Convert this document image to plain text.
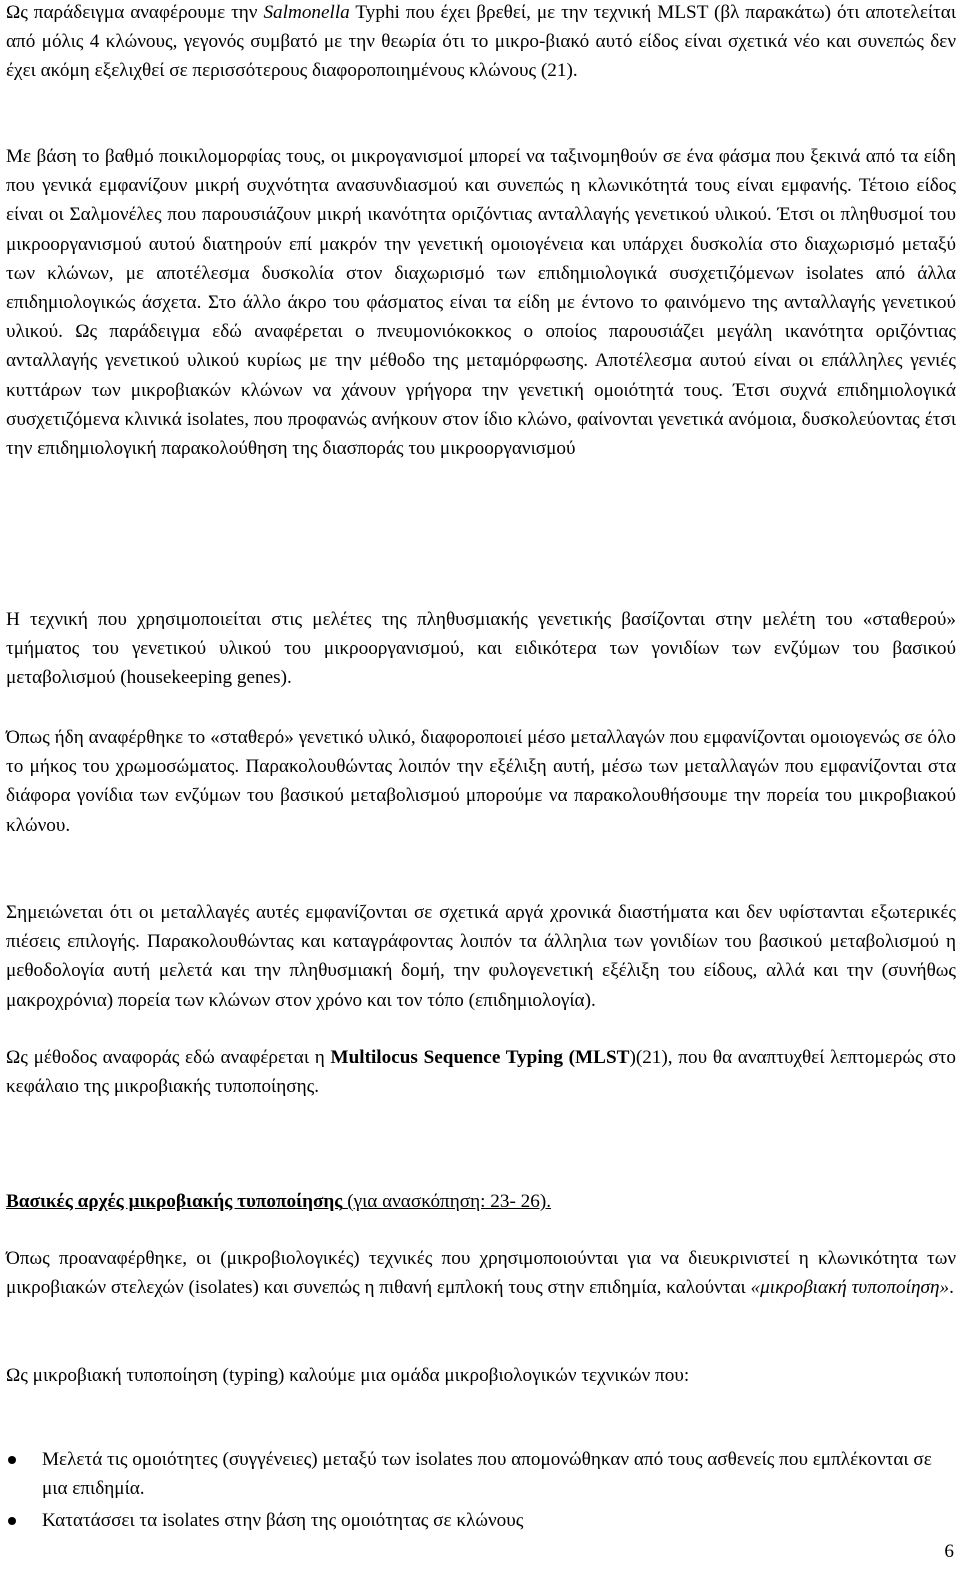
Ως παράδειγμα αναφέρουμε την Salmonella Typhi που έχει βρεθεί, με την τεχνική MLST (βλ παρακάτω) ότι αποτελείται από μόλις 4 κλώνους, γεγονός συμβατό με την θεωρία ότι το μικρο-βιακό αυτό είδος είναι σχετικά νέο και συνεπώς δεν έχει ακόμη εξελιχθεί σε περισσότερους διαφοροποιημένους κλώνους (21).

Με βάση το βαθμό ποικιλομορφίας τους, οι μικρογανισμοί μπορεί να ταξινομηθούν σε ένα φάσμα που ξεκινά από τα είδη που γενικά εμφανίζουν μικρή συχνότητα ανασυνδιασμού και συνεπώς η κλωνικότητά τους είναι εμφανής. Τέτοιο είδος είναι οι Σαλμονέλες που παρουσιάζουν μικρή ικανότητα οριζόντιας ανταλλαγής γενετικού υλικού. Έτσι οι πληθυσμοί του μικροοργανισμού αυτού διατηρούν επί μακρόν την γενετική ομοιογένεια και υπάρχει δυσκολία στο διαχωρισμό μεταξύ των κλώνων, με αποτέλεσμα δυσκολία στον διαχωρισμό των επιδημιολογικά συσχετιζόμενων isolates από άλλα επιδημιολογικώς άσχετα. Στο άλλο άκρο του φάσματος είναι τα είδη με έντονο το φαινόμενο της ανταλλαγής γενετικού υλικού. Ως παράδειγμα εδώ αναφέρεται ο πνευμονιόκοκκος ο οποίος παρουσιάζει μεγάλη ικανότητα οριζόντιας ανταλλαγής γενετικού υλικού κυρίως με την μέθοδο της μεταμόρφωσης. Αποτέλεσμα αυτού είναι οι επάλληλες γενιές κυττάρων των μικροβιακών κλώνων να χάνουν γρήγορα την γενετική ομοιότητά τους. Έτσι συχνά επιδημιολογικά συσχετιζόμενα κλινικά isolates, που προφανώς ανήκουν στον ίδιο κλώνο, φαίνονται γενετικά ανόμοια, δυσκολεύοντας έτσι την επιδημιολογική παρακολούθηση της διασποράς του μικροοργανισμού

Η τεχνική που χρησιμοποιείται στις μελέτες της πληθυσμιακής γενετικής βασίζονται στην μελέτη του «σταθερού» τμήματος του γενετικού υλικού του μικροοργανισμού, και ειδικότερα των γονιδίων των ενζύμων του βασικού μεταβολισμού (housekeeping genes).

Όπως ήδη αναφέρθηκε το «σταθερό» γενετικό υλικό, διαφοροποιεί μέσο μεταλλαγών που εμφανίζονται ομοιογενώς σε όλο το μήκος του χρωμοσώματος. Παρακολουθώντας λοιπόν την εξέλιξη αυτή, μέσω των μεταλλαγών που εμφανίζονται στα διάφορα γονίδια των ενζύμων του βασικού μεταβολισμού μπορούμε να παρακολουθήσουμε την πορεία του μικροβιακού κλώνου.

Σημειώνεται ότι οι μεταλλαγές αυτές εμφανίζονται σε σχετικά αργά χρονικά διαστήματα και δεν υφίστανται εξωτερικές πιέσεις επιλογής. Παρακολουθώντας και καταγράφοντας λοιπόν τα άλληλια των γονιδίων του βασικού μεταβολισμού η μεθοδολογία αυτή μελετά και την πληθυσμιακή δομή, την φυλογενετική εξέλιξη του είδους, αλλά και την (συνήθως μακροχρόνια) πορεία των κλώνων στον χρόνο και τον τόπο (επιδημιολογία).

Ως μέθοδος αναφοράς εδώ αναφέρεται η Multilocus Sequence Typing (MLST)(21), που θα αναπτυχθεί λεπτομερώς στο κεφάλαιο της μικροβιακής τυποποίησης.

Βασικές αρχές μικροβιακής τυποποίησης (για ανασκόπηση: 23- 26).

Όπως προαναφέρθηκε, οι (μικροβιολογικές) τεχνικές που χρησιμοποιούνται για να διευκρινιστεί η κλωνικότητα των μικροβιακών στελεχών (isolates) και συνεπώς η πιθανή εμπλοκή τους στην επιδημία, καλούνται «μικροβιακή τυποποίηση».

Ως μικροβιακή τυποποίηση (typing) καλούμε μια ομάδα μικροβιολογικών τεχνικών που:

Μελετά τις ομοιότητες (συγγένειες) μεταξύ των isolates που απομονώθηκαν από τους ασθενείς που εμπλέκονται σε μια επιδημία.
Κατατάσσει τα isolates στην βάση της ομοιότητας σε κλώνους
6
